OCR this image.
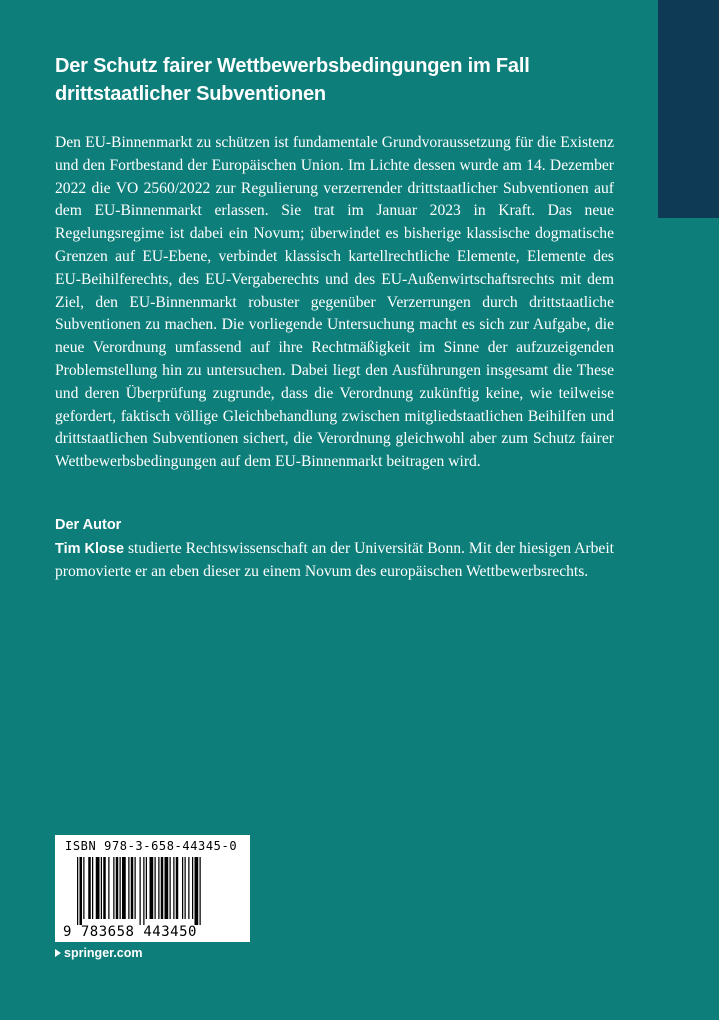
Der Schutz fairer Wettbewerbsbedingungen im Fall drittstaatlicher Subventionen

Den EU-Binnenmarkt zu schützen ist fundamentale Grundvoraussetzung für die Existenz und den Fortbestand der Europäischen Union. Im Lichte dessen wurde am 14. Dezember 2022 die VO 2560/2022 zur Regulierung verzerrender drittstaatlicher Subventionen auf dem EU-Binnenmarkt erlassen. Sie trat im Januar 2023 in Kraft. Das neue Regelungsregime ist dabei ein Novum; überwindet es bisherige klassische dogmatische Grenzen auf EU-Ebene, verbindet klassisch kartellrechtliche Elemente, Elemente des EU-Beihilferechts, des EU-Vergaberechts und des EU-Außenwirtschaftsrechts mit dem Ziel, den EU-Binnenmarkt robuster gegenüber Verzerrungen durch drittstaatliche Subventionen zu machen. Die vorliegende Untersuchung macht es sich zur Aufgabe, die neue Verordnung umfassend auf ihre Rechtmäßigkeit im Sinne der aufzuzeigenden Problemstellung hin zu untersuchen. Dabei liegt den Ausführungen insgesamt die These und deren Überprüfung zugrunde, dass die Verordnung zukünftig keine, wie teilweise gefordert, faktisch völlige Gleichbehandlung zwischen mitgliedstaatlichen Beihilfen und drittstaatlichen Subventionen sichert, die Verordnung gleichwohl aber zum Schutz fairer Wettbewerbsbedingungen auf dem EU-Binnenmarkt beitragen wird.

Der Autor

Tim Klose studierte Rechtswissenschaft an der Universität Bonn. Mit der hiesigen Arbeit promovierte er an eben dieser zu einem Novum des europäischen Wettbewerbsrechts.

ISBN 978-3-658-44345-0
9 783658 443450
springer.com
